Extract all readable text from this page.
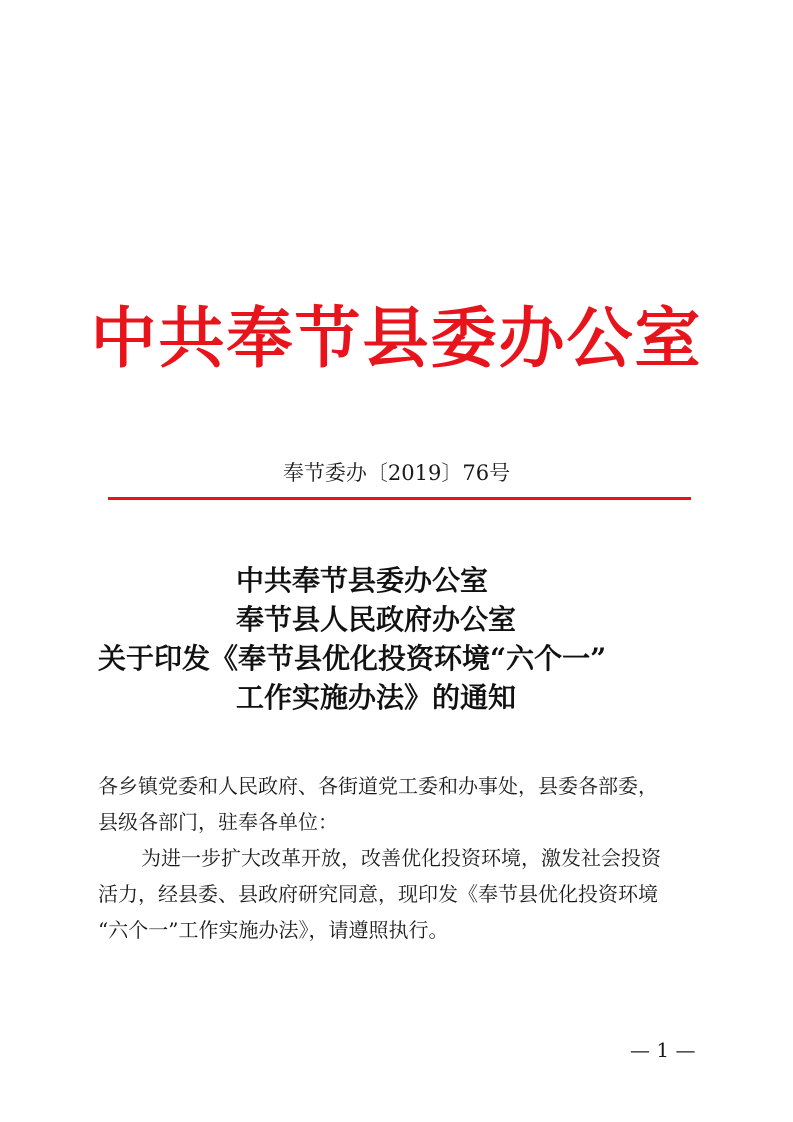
中共奉节县委办公室
奉节委办〔2019〕76号
中共奉节县委办公室
奉节县人民政府办公室
关于印发《奉节县优化投资环境“六个一”
工作实施办法》的通知
各乡镇党委和人民政府、各街道党工委和办事处，县委各部委，
县级各部门，驻奉各单位：
为进一步扩大改革开放，改善优化投资环境，激发社会投资
活力，经县委、县政府研究同意，现印发《奉节县优化投资环境
“六个一”工作实施办法》，请遵照执行。
— 1 —
